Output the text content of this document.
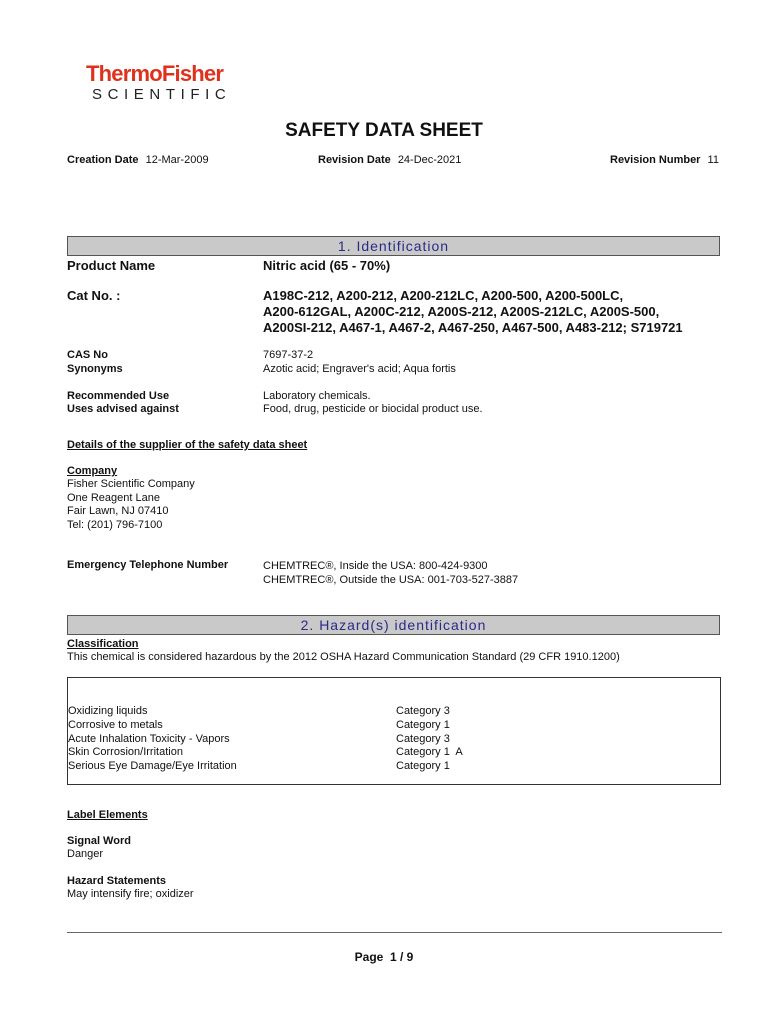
ThermoFisher
SCIENTIFIC
SAFETY DATA SHEET
Creation Date 12-Mar-2009	Revision Date 24-Dec-2021	Revision Number 11
1. Identification
Product Name	Nitric acid (65 - 70%)
Cat No. :	A198C-212, A200-212, A200-212LC, A200-500, A200-500LC,
A200-612GAL, A200C-212, A200S-212, A200S-212LC, A200S-500,
A200SI-212, A467-1, A467-2, A467-250, A467-500, A483-212; S719721
CAS No	7697-37-2
Synonyms	Azotic acid; Engraver's acid; Aqua fortis
Recommended Use	Laboratory chemicals.
Uses advised against	Food, drug, pesticide or biocidal product use.
Details of the supplier of the safety data sheet
Company
Fisher Scientific Company
One Reagent Lane
Fair Lawn, NJ 07410
Tel: (201) 796-7100
Emergency Telephone Number	CHEMTREC®, Inside the USA: 800-424-9300
CHEMTREC®, Outside the USA: 001-703-527-3887
2. Hazard(s) identification
Classification
This chemical is considered hazardous by the 2012 OSHA Hazard Communication Standard (29 CFR 1910.1200)
Oxidizing liquids	Category 3
Corrosive to metals	Category 1
Acute Inhalation Toxicity - Vapors	Category 3
Skin Corrosion/Irritation	Category 1  A
Serious Eye Damage/Eye Irritation	Category 1
Label Elements
Signal Word
Danger
Hazard Statements
May intensify fire; oxidizer
Page  1 / 9
